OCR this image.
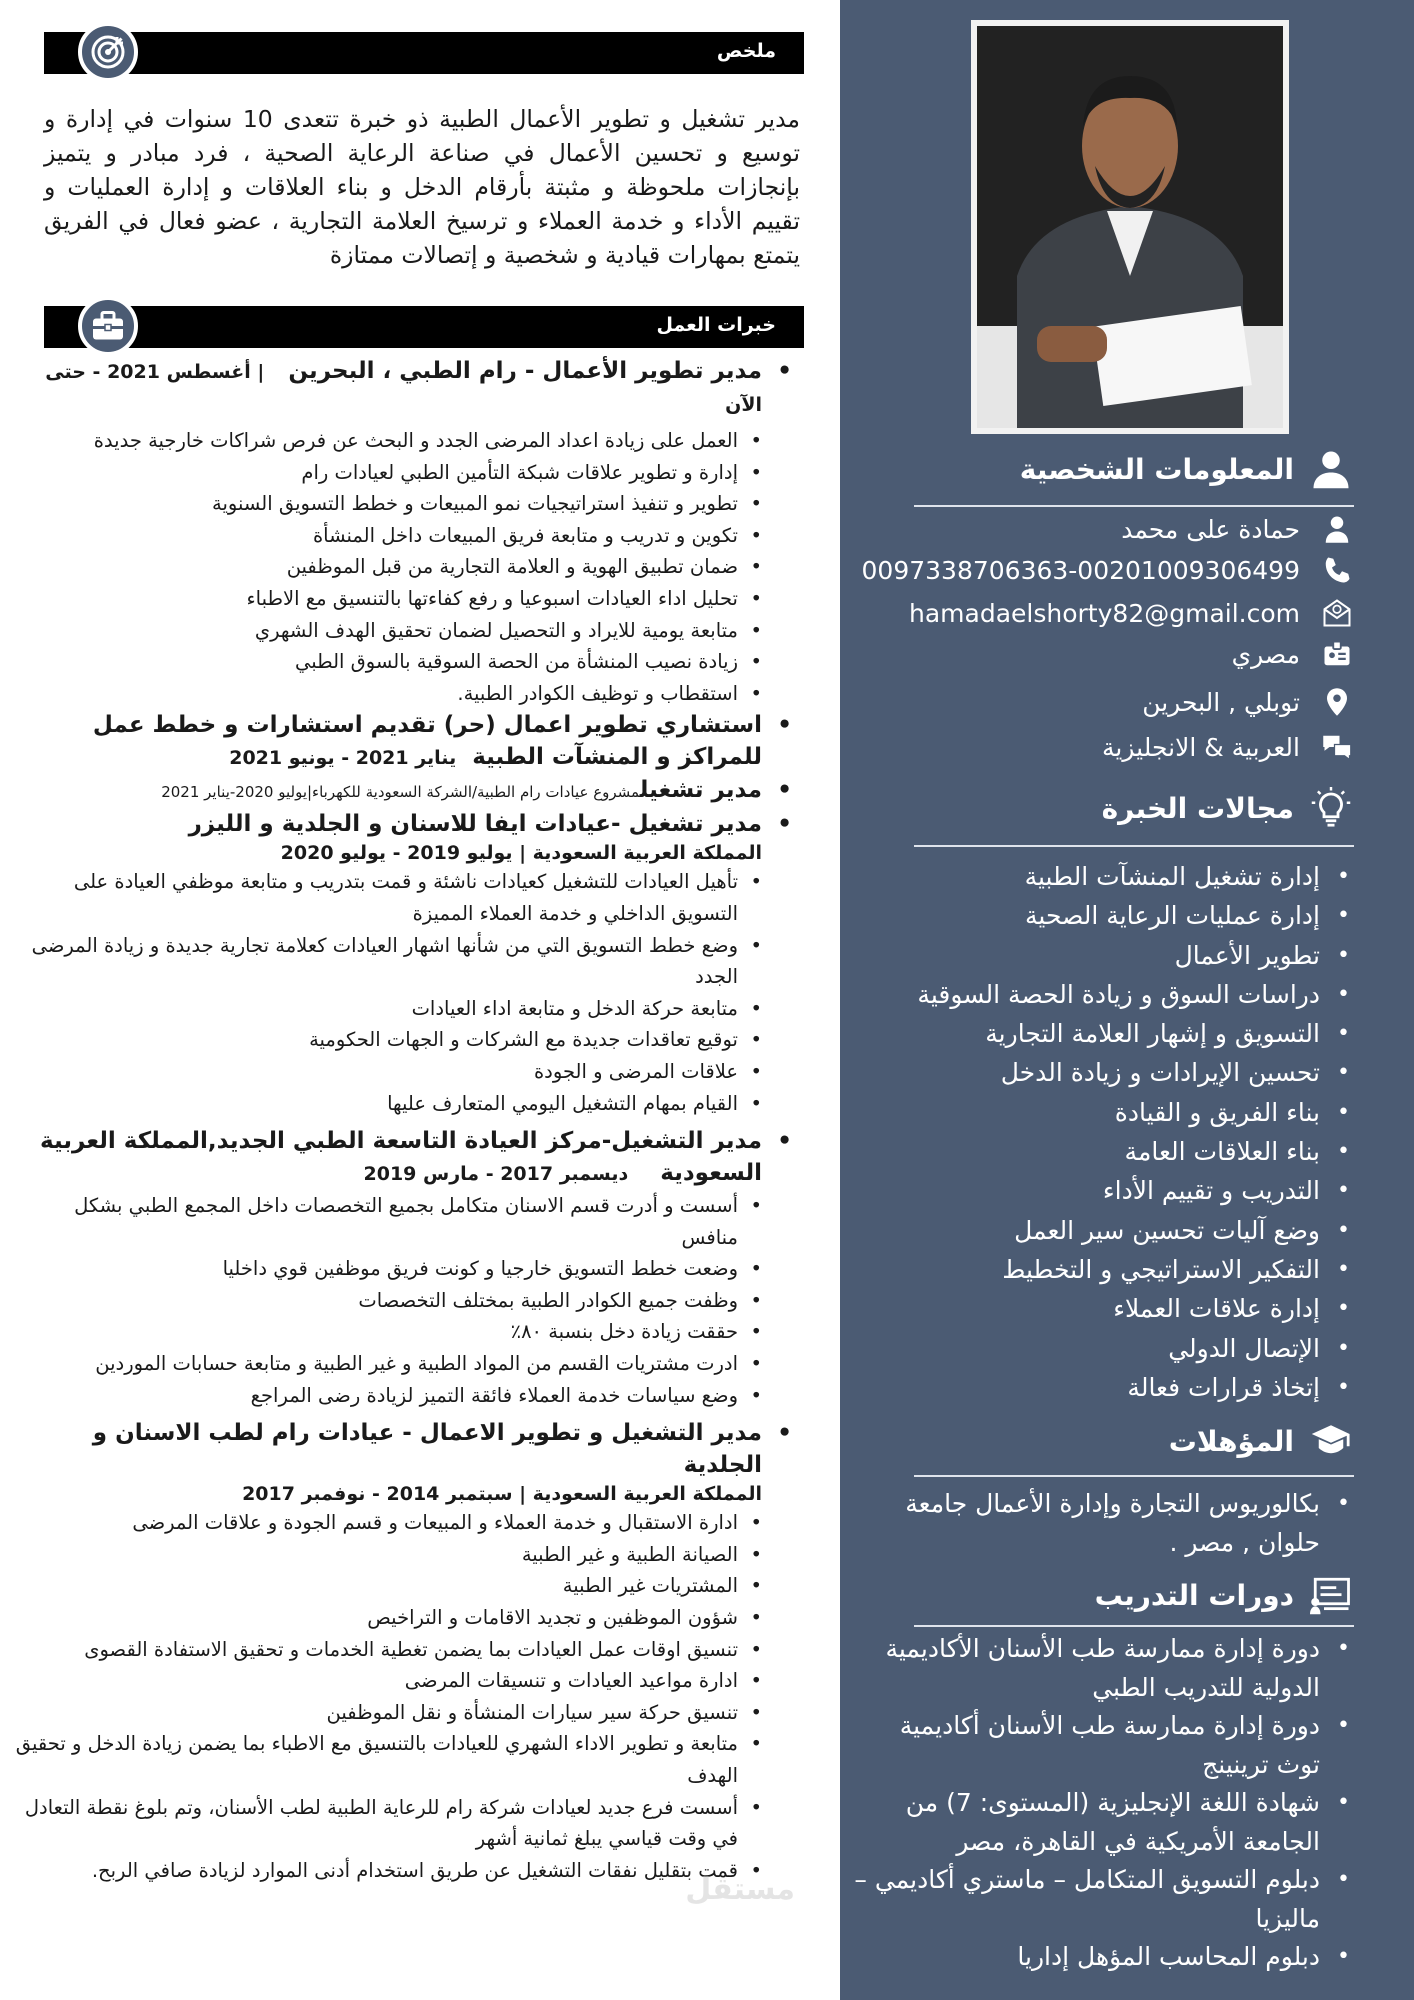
المعلومات الشخصية
حمادة على محمد
0097338706363-00201009306499
hamadaelshorty82@gmail.com
مصري
توبلي , البحرين
العربية & الانجليزية
مجالات الخبرة
• إدارة تشغيل المنشآت الطبية
• إدارة عمليات الرعاية الصحية
• تطوير الأعمال
• دراسات السوق و زيادة الحصة السوقية
• التسويق و إشهار العلامة التجارية
• تحسين الإيرادات و زيادة الدخل
• بناء الفريق و القيادة
• بناء العلاقات العامة
• التدريب و تقييم الأداء
• وضع آليات تحسين سير العمل
• التفكير الاستراتيجي و التخطيط
• إدارة علاقات العملاء
• الإتصال الدولي
• إتخاذ قرارات فعالة
المؤهلات
• بكالوريوس التجارة وإدارة الأعمال جامعة حلوان , مصر .
دورات التدريب
• دورة إدارة ممارسة طب الأسنان الأكاديمية الدولية للتدريب الطبي
• دورة إدارة ممارسة طب الأسنان أكاديمية توث ترينينج
• شهادة اللغة الإنجليزية (المستوى: 7) من الجامعة الأمريكية في القاهرة، مصر
• دبلوم التسويق المتكامل – ماستري أكاديمي – ماليزيا
• دبلوم المحاسب المؤهل إداريا
ملخص

مدير تشغيل و تطوير الأعمال الطبية ذو خبرة تتعدى 10 سنوات في إدارة و توسيع و تحسين الأعمال في صناعة الرعاية الصحية ، فرد مبادر و يتميز بإنجازات ملحوظة و مثبتة بأرقام الدخل و بناء العلاقات و إدارة العمليات و تقييم الأداء و خدمة العملاء و ترسيخ العلامة التجارية ، عضو فعال في الفريق يتمتع بمهارات قيادية و شخصية و إتصالات ممتازة

خبرات العمل
• مدير تطوير الأعمال - رام الطبي ، البحرين   | أغسطس 2021 - حتى الآن
• العمل على زيادة اعداد المرضى الجدد و البحث عن فرص شراكات خارجية جديدة
• إدارة و تطوير علاقات شبكة التأمين الطبي لعيادات رام
• تطوير و تنفيذ استراتيجيات نمو المبيعات و خطط التسويق السنوية
• تكوين و تدريب و متابعة فريق المبيعات داخل المنشأة
• ضمان تطبيق الهوية و العلامة التجارية من قبل الموظفين
• تحليل اداء العيادات اسبوعيا و رفع كفاءتها بالتنسيق مع الاطباء
• متابعة يومية للايراد و التحصيل لضمان تحقيق الهدف الشهري
• زيادة نصيب المنشأة من الحصة السوقية بالسوق الطبي
• استقطاب و توظيف الكوادر الطبية.
• استشاري تطوير اعمال (حر) تقديم استشارات و خطط عمل للمراكز و المنشآت الطبية  يناير 2021 - يونيو 2021
• مدير تشغيلمشروع عيادات رام الطبية/الشركة السعودية للكهرباء|يوليو 2020-يناير 2021
• مدير تشغيل -عيادات ايفا للاسنان و الجلدية و الليزر
المملكة العربية السعودية | يوليو 2019 - يوليو 2020
• تأهيل العيادات للتشغيل كعيادات ناشئة و قمت بتدريب و متابعة موظفي العيادة على التسويق الداخلي و خدمة العملاء المميزة
• وضع خطط التسويق التي من شأنها اشهار العيادات كعلامة تجارية جديدة و زيادة المرضى الجدد
• متابعة حركة الدخل و متابعة اداء العيادات
• توقيع تعاقدات جديدة مع الشركات و الجهات الحكومية
• علاقات المرضى و الجودة
• القيام بمهام التشغيل اليومي المتعارف عليها
• مدير التشغيل-مركز العيادة التاسعة الطبي الجديد,المملكة العربية السعودية    ديسمبر 2017 - مارس 2019
• أسست و أدرت قسم الاسنان متكامل بجميع التخصصات داخل المجمع الطبي بشكل منافس
• وضعت خطط التسويق خارجيا و كونت فريق موظفين قوي داخليا
• وظفت جميع الكوادر الطبية بمختلف التخصصات
• حققت زيادة دخل بنسبة ٨٠٪
• ادرت مشتريات القسم من المواد الطبية و غير الطبية و متابعة حسابات الموردين
• وضع سياسات خدمة العملاء فائقة التميز لزيادة رضى المراجع
• مدير التشغيل و تطوير الاعمال - عيادات رام لطب الاسنان و الجلدية
المملكة العربية السعودية | سبتمبر 2014 - نوفمبر 2017
• ادارة الاستقبال و خدمة العملاء و المبيعات و قسم الجودة و علاقات المرضى
• الصيانة الطبية و غير الطبية
• المشتريات غير الطبية
• شؤون الموظفين و تجديد الاقامات و التراخيص
• تنسيق اوقات عمل العيادات بما يضمن تغطية الخدمات و تحقيق الاستفادة القصوى
• ادارة مواعيد العيادات و تنسيقات المرضى
• تنسيق حركة سير سيارات المنشأة و نقل الموظفين
• متابعة و تطوير الاداء الشهري للعيادات بالتنسيق مع الاطباء بما يضمن زيادة الدخل و تحقيق الهدف
• أسست فرع جديد لعيادات شركة رام للرعاية الطبية لطب الأسنان، وتم بلوغ نقطة التعادل في وقت قياسي يبلغ ثمانية أشهر
• قمت بتقليل نفقات التشغيل عن طريق استخدام أدنى الموارد لزيادة صافي الربح.
مستقل
